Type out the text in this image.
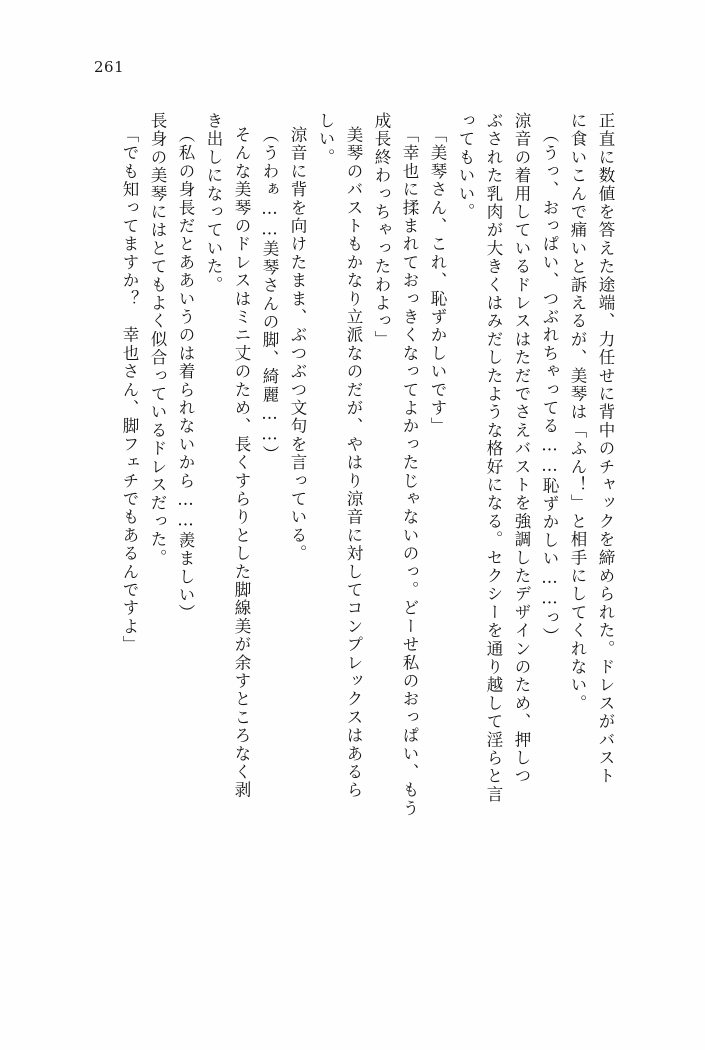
261
正直に数値を答えた途端、力任せに背中のチャックを締められた。ドレスがバスト
に食いこんで痛いと訴えるが、美琴は「ふん！」と相手にしてくれない。
（うっ、おっぱい、つぶれちゃってる……恥ずかしい……っ）
涼音の着用しているドレスはただでさえバストを強調したデザインのため、押しつ
ぶされた乳肉が大きくはみだしたような格好になる。セクシーを通り越して淫らと言
ってもいい。
「美琴さん、これ、恥ずかしいです」
「幸也に揉まれておっきくなってよかったじゃないのっ。どーせ私のおっぱい、もう
成長終わっちゃったわよっ」
美琴のバストもかなり立派なのだが、やはり涼音に対してコンプレックスはあるら
しい。
涼音に背を向けたまま、ぶつぶつ文句を言っている。
（うわぁ……美琴さんの脚、綺麗……）
そんな美琴のドレスはミニ丈のため、長くすらりとした脚線美が余すところなく剥
き出しになっていた。
（私の身長だとああいうのは着られないから……羨ましい）
長身の美琴にはとてもよく似合っているドレスだった。
「でも知ってますか？　幸也さん、脚フェチでもあるんですよ」
